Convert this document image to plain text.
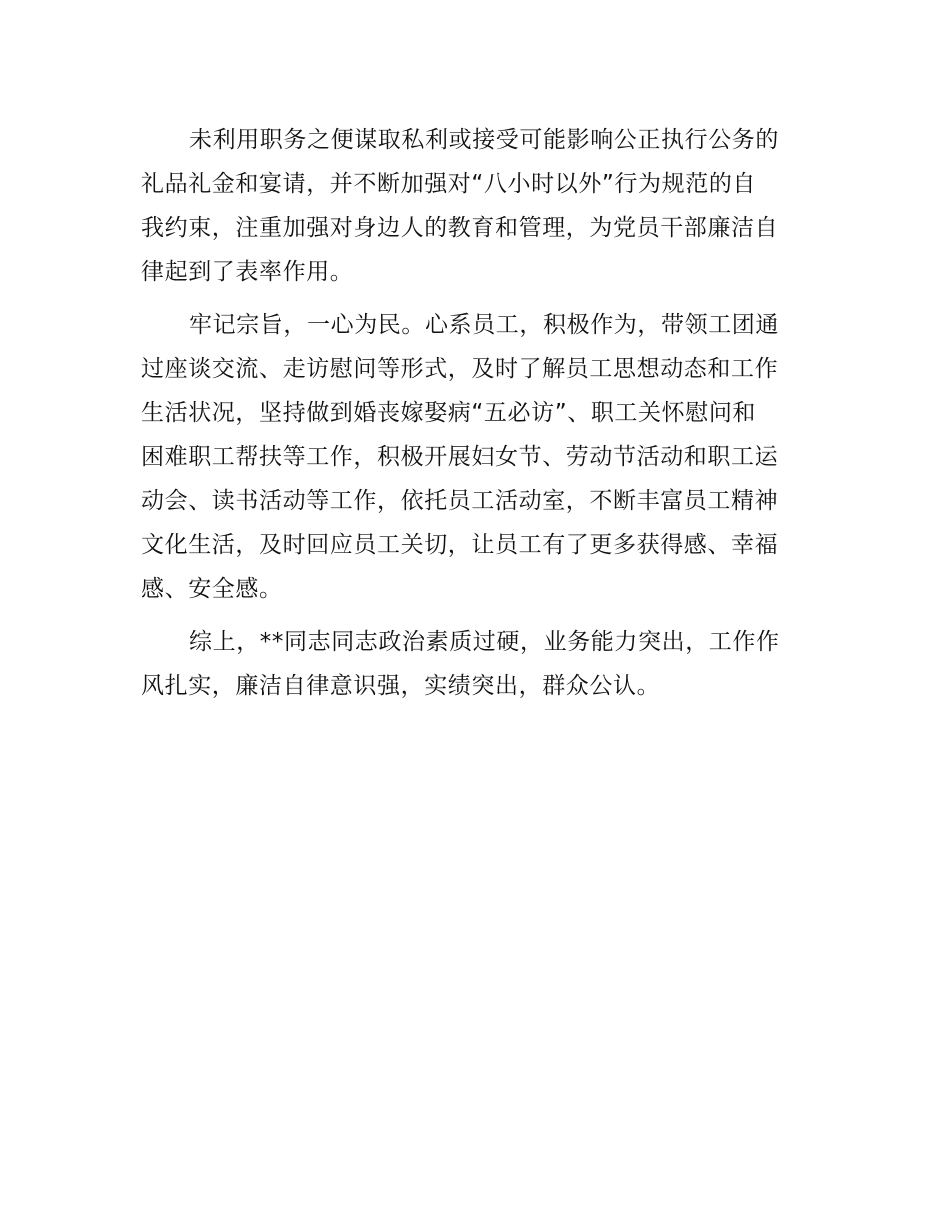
未利用职务之便谋取私利或接受可能影响公正执行公务的
礼品礼金和宴请，并不断加强对“八小时以外”行为规范的自
我约束，注重加强对身边人的教育和管理，为党员干部廉洁自
律起到了表率作用。
牢记宗旨，一心为民。心系员工，积极作为，带领工团通
过座谈交流、走访慰问等形式，及时了解员工思想动态和工作
生活状况，坚持做到婚丧嫁娶病“五必访”、职工关怀慰问和
困难职工帮扶等工作，积极开展妇女节、劳动节活动和职工运
动会、读书活动等工作，依托员工活动室，不断丰富员工精神
文化生活，及时回应员工关切，让员工有了更多获得感、幸福
感、安全感。
综上，**同志同志政治素质过硬，业务能力突出，工作作
风扎实，廉洁自律意识强，实绩突出，群众公认。
